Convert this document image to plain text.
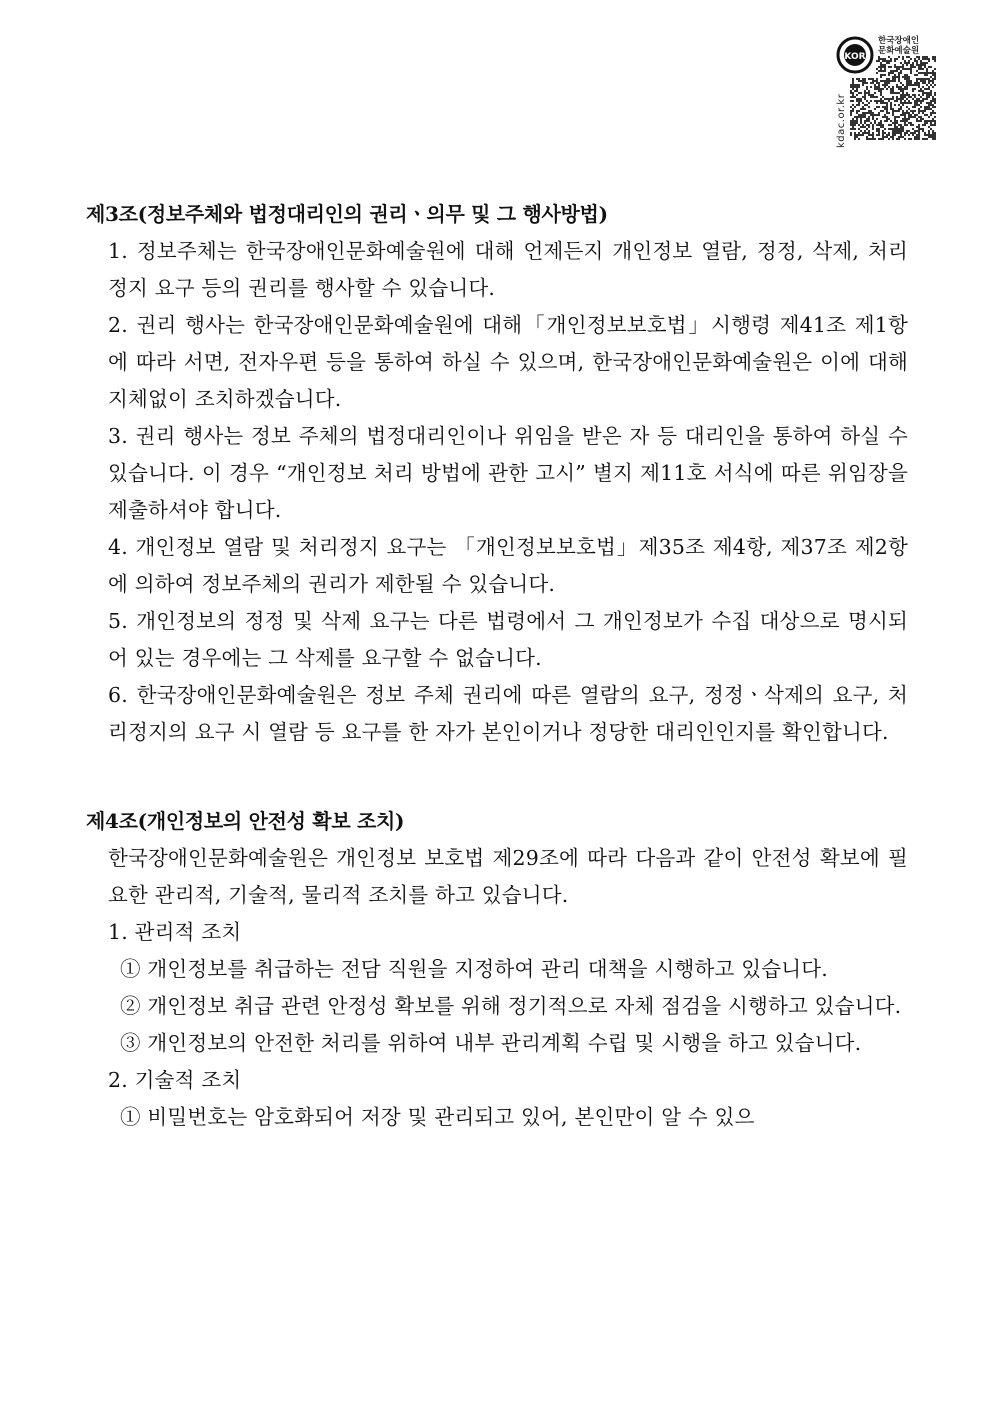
KOR
한국장애인
문화예술원
kdac.or.kr

제3조(정보주체와 법정대리인의 권리ㆍ의무 및 그 행사방법)

1. 정보주체는 한국장애인문화예술원에 대해 언제든지 개인정보 열람, 정정, 삭제, 처리정지 요구 등의 권리를 행사할 수 있습니다.

2. 권리 행사는 한국장애인문화예술원에 대해「개인정보보호법」시행령 제41조 제1항에 따라 서면, 전자우편 등을 통하여 하실 수 있으며, 한국장애인문화예술원은 이에 대해 지체없이 조치하겠습니다.

3. 권리 행사는 정보 주체의 법정대리인이나 위임을 받은 자 등 대리인을 통하여 하실 수 있습니다. 이 경우 “개인정보 처리 방법에 관한 고시” 별지 제11호 서식에 따른 위임장을 제출하셔야 합니다.

4. 개인정보 열람 및 처리정지 요구는 「개인정보보호법」제35조 제4항, 제37조 제2항에 의하여 정보주체의 권리가 제한될 수 있습니다.

5. 개인정보의 정정 및 삭제 요구는 다른 법령에서 그 개인정보가 수집 대상으로 명시되어 있는 경우에는 그 삭제를 요구할 수 없습니다.

6. 한국장애인문화예술원은 정보 주체 권리에 따른 열람의 요구, 정정ㆍ삭제의 요구, 처리정지의 요구 시 열람 등 요구를 한 자가 본인이거나 정당한 대리인인지를 확인합니다.

제4조(개인정보의 안전성 확보 조치)

한국장애인문화예술원은 개인정보 보호법 제29조에 따라 다음과 같이 안전성 확보에 필요한 관리적, 기술적, 물리적 조치를 하고 있습니다.

1. 관리적 조치

① 개인정보를 취급하는 전담 직원을 지정하여 관리 대책을 시행하고 있습니다.

② 개인정보 취급 관련 안정성 확보를 위해 정기적으로 자체 점검을 시행하고 있습니다.

③ 개인정보의 안전한 처리를 위하여 내부 관리계획 수립 및 시행을 하고 있습니다.

2. 기술적 조치

① 비밀번호는 암호화되어 저장 및 관리되고 있어, 본인만이 알 수 있으
